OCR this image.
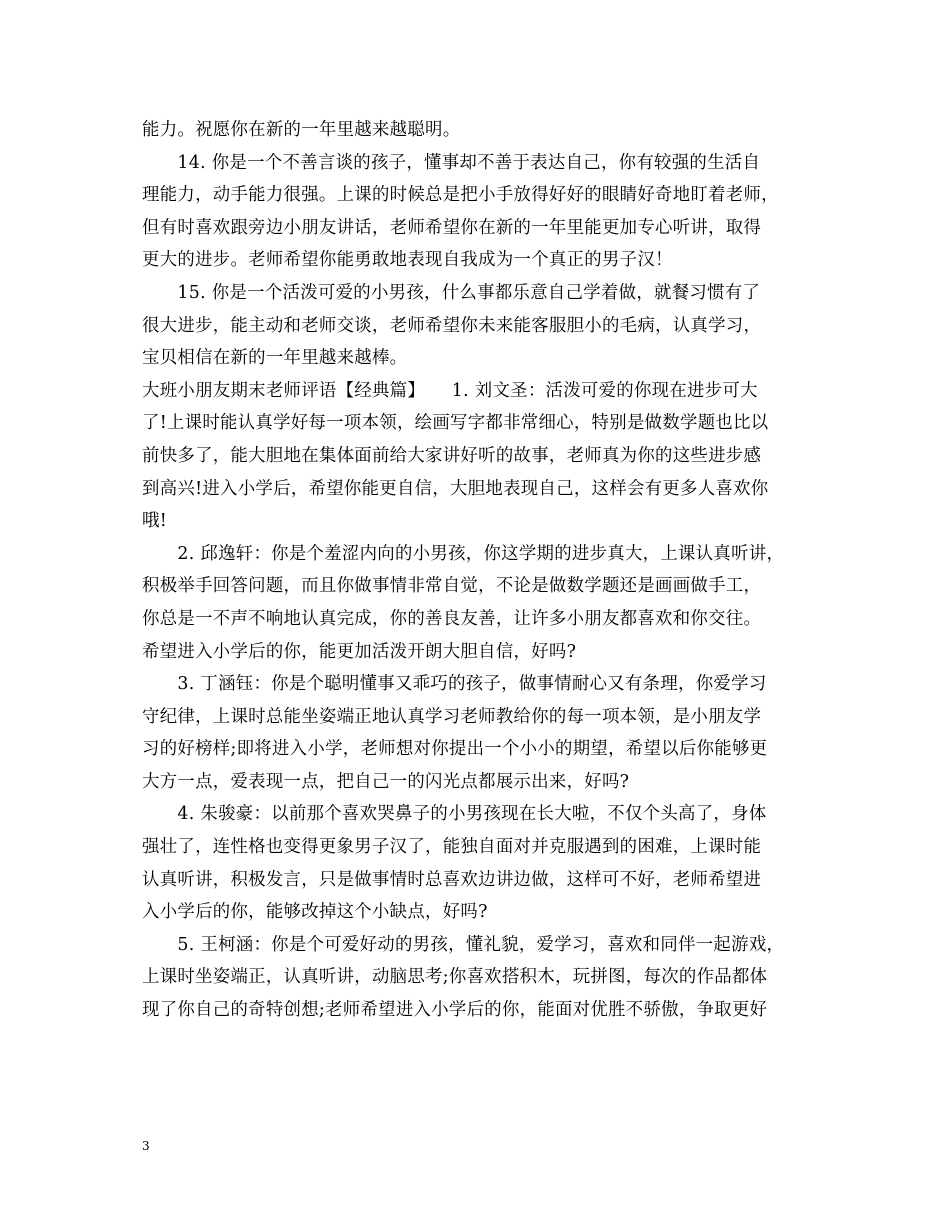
能力。祝愿你在新的一年里越来越聪明。
　　14. 你是一个不善言谈的孩子，懂事却不善于表达自己，你有较强的生活自
理能力，动手能力很强。上课的时候总是把小手放得好好的眼睛好奇地盯着老师，
但有时喜欢跟旁边小朋友讲话，老师希望你在新的一年里能更加专心听讲，取得
更大的进步。老师希望你能勇敢地表现自我成为一个真正的男子汉！
　　15. 你是一个活泼可爱的小男孩，什么事都乐意自己学着做，就餐习惯有了
很大进步，能主动和老师交谈，老师希望你未来能客服胆小的毛病，认真学习，
宝贝相信在新的一年里越来越棒。
大班小朋友期末老师评语【经典篇】　　1. 刘文圣：活泼可爱的你现在进步可大
了!上课时能认真学好每一项本领，绘画写字都非常细心，特别是做数学题也比以
前快多了，能大胆地在集体面前给大家讲好听的故事，老师真为你的这些进步感
到高兴!进入小学后，希望你能更自信，大胆地表现自己，这样会有更多人喜欢你
哦!
　　2. 邱逸轩：你是个羞涩内向的小男孩，你这学期的进步真大，上课认真听讲，
积极举手回答问题，而且你做事情非常自觉，不论是做数学题还是画画做手工，
你总是一不声不响地认真完成，你的善良友善，让许多小朋友都喜欢和你交往。
希望进入小学后的你，能更加活泼开朗大胆自信，好吗?
　　3. 丁涵钰：你是个聪明懂事又乖巧的孩子，做事情耐心又有条理，你爱学习
守纪律，上课时总能坐姿端正地认真学习老师教给你的每一项本领，是小朋友学
习的好榜样;即将进入小学，老师想对你提出一个小小的期望，希望以后你能够更
大方一点，爱表现一点，把自己一的闪光点都展示出来，好吗?
　　4. 朱骏豪：以前那个喜欢哭鼻子的小男孩现在长大啦，不仅个头高了，身体
强壮了，连性格也变得更象男子汉了，能独自面对并克服遇到的困难，上课时能
认真听讲，积极发言，只是做事情时总喜欢边讲边做，这样可不好，老师希望进
入小学后的你，能够改掉这个小缺点，好吗?
　　5. 王柯涵：你是个可爱好动的男孩，懂礼貌，爱学习，喜欢和同伴一起游戏，
上课时坐姿端正，认真听讲，动脑思考;你喜欢搭积木，玩拼图，每次的作品都体
现了你自己的奇特创想;老师希望进入小学后的你，能面对优胜不骄傲，争取更好
3
